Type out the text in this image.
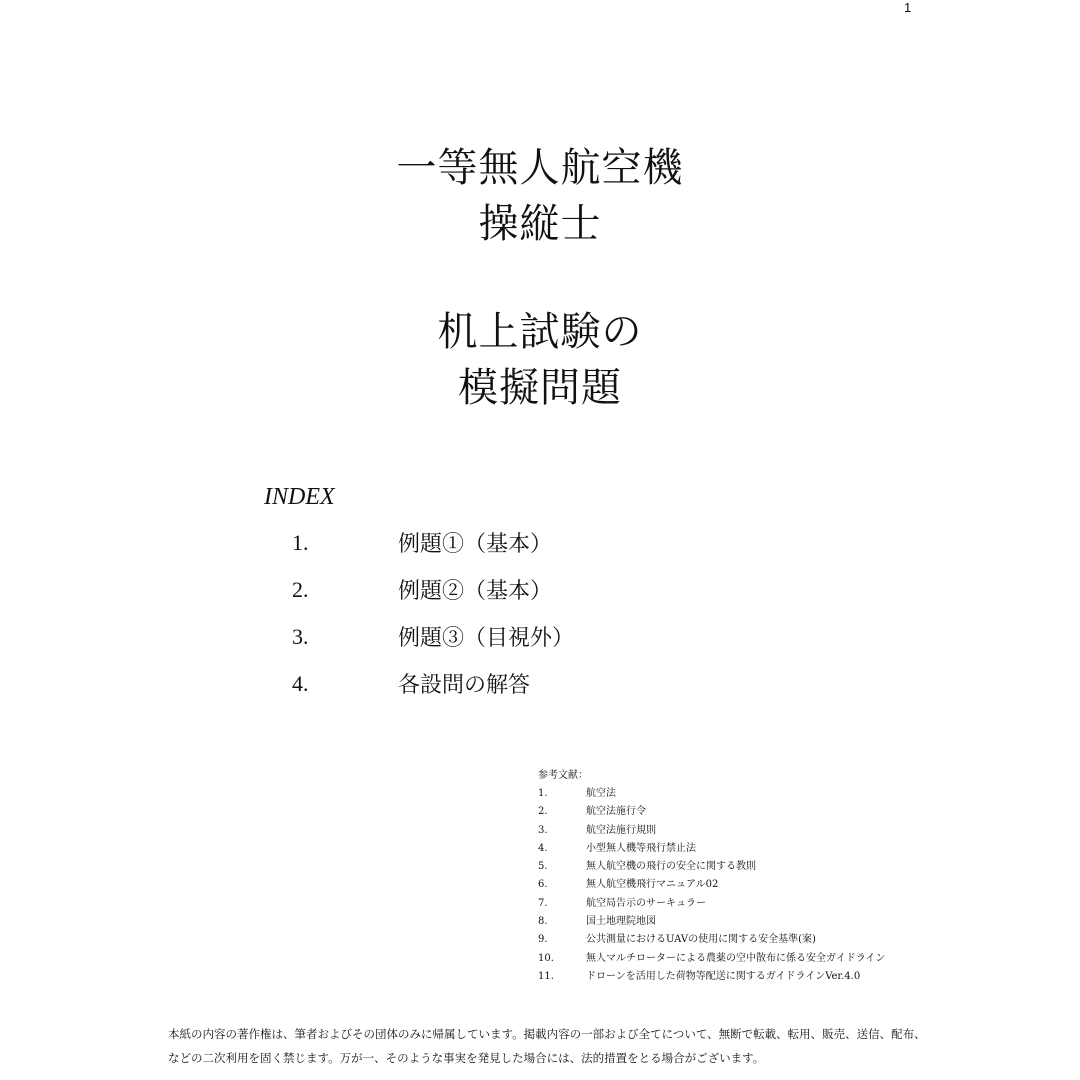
1
一等無人航空機
操縦士
机上試験の
模擬問題
INDEX
1.	例題①（基本）
2.	例題②（基本）
3.	例題③（目視外）
4.	各設問の解答
参考文献：
1.	航空法
2.	航空法施行令
3.	航空法施行規則
4.	小型無人機等飛行禁止法
5.	無人航空機の飛行の安全に関する教則
6.	無人航空機飛行マニュアル02
7.	航空局告示のサーキュラー
8.	国土地理院地図
9.	公共測量におけるUAVの使用に関する安全基準(案)
10.	無人マルチローターによる農薬の空中散布に係る安全ガイドライン
11.	ドローンを活用した荷物等配送に関するガイドラインVer.4.0
本紙の内容の著作権は、筆者およびその団体のみに帰属しています。掲載内容の一部および全てについて、無断で転載、転用、販売、送信、配布、
などの二次利用を固く禁じます。万が一、そのような事実を発見した場合には、法的措置をとる場合がございます。
